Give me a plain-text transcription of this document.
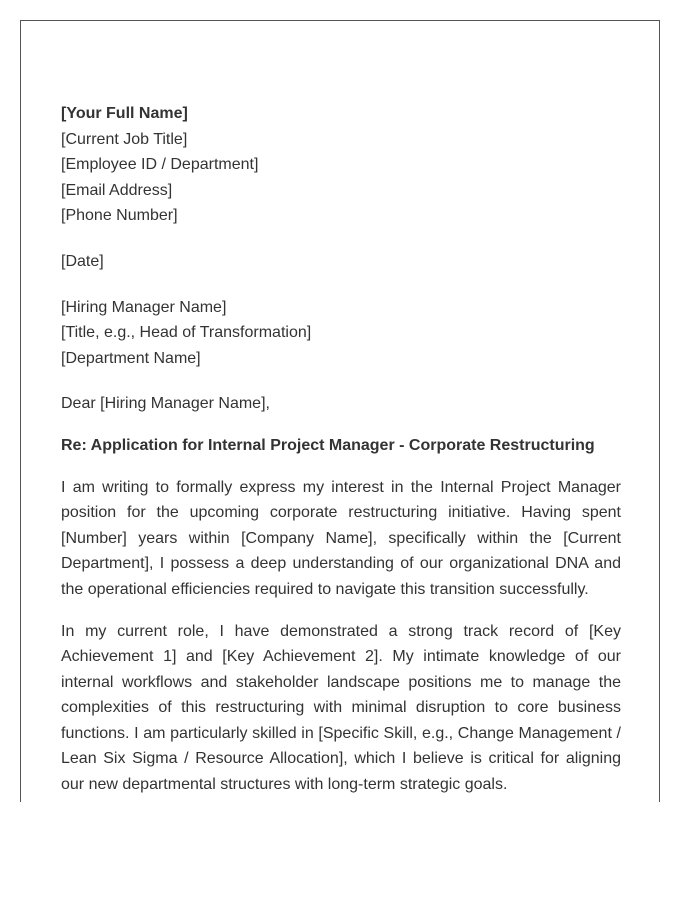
[Your Full Name]
[Current Job Title]
[Employee ID / Department]
[Email Address]
[Phone Number]
[Date]
[Hiring Manager Name]
[Title, e.g., Head of Transformation]
[Department Name]

Dear [Hiring Manager Name],

Re: Application for Internal Project Manager - Corporate Restructuring

I am writing to formally express my interest in the Internal Project Manager position for the upcoming corporate restructuring initiative. Having spent [Number] years within [Company Name], specifically within the [Current Department], I possess a deep understanding of our organizational DNA and the operational efficiencies required to navigate this transition successfully.

In my current role, I have demonstrated a strong track record of [Key Achievement 1] and [Key Achievement 2]. My intimate knowledge of our internal workflows and stakeholder landscape positions me to manage the complexities of this restructuring with minimal disruption to core business functions. I am particularly skilled in [Specific Skill, e.g., Change Management / Lean Six Sigma / Resource Allocation], which I believe is critical for aligning our new departmental structures with long-term strategic goals.
